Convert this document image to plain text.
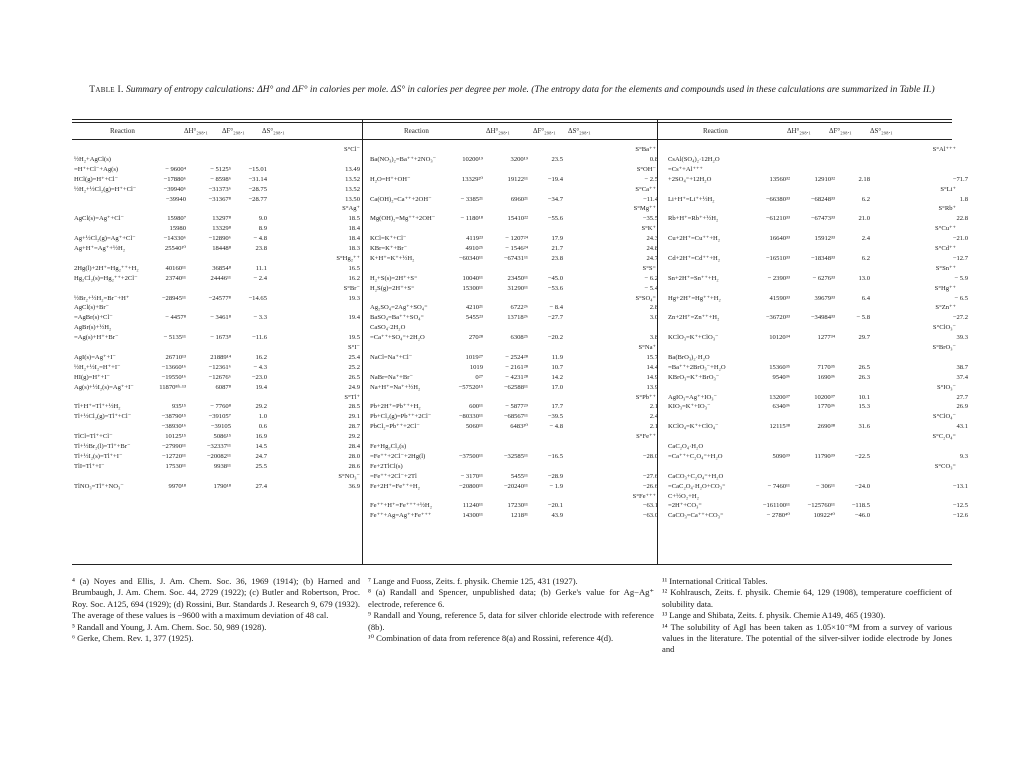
Table I. Summary of entropy calculations: ΔH° and ΔF° in calories per mole. ΔS° in calories per degree per mole. (The entropy data for the elements and compounds used in these calculations are summarized in Table II.)
Reaction	ΔH°₂₉₈.₁ ΔF°₂₉₈.₁ ΔS°₂₉₈.₁	Reaction	ΔH°₂₉₈.₁	ΔF°₂₉₈.₁ ΔS°₂₉₈.₁	Reaction	ΔH°₂₉₈.₁	ΔF°₂₉₈.₁	ΔS°₂₉₈.₁
S°Cl⁻
½H₂+AgCl(s)
=H⁺+Cl⁻+Ag(s)	− 9600⁴	− 5125⁵	−15.01	13.49
HCl(g)=H⁺+Cl⁻	−17880⁶	− 8598⁶	−31.14	13.52
½H₂+½Cl₂(g)=H⁺+Cl⁻	−39940⁶	−31373⁶	−28.75	13.52
−39940	−31367⁸	−28.77	13.50
S°Ag⁺
AgCl(s)=Ag⁺+Cl⁻	15980⁷	13297⁸	9.0	18.5
15980	13329⁸	8.9	18.4
Ag+½Cl₂(g)=Ag⁺+Cl⁻	−14330⁶	−12890⁶	− 4.8	18.4
Ag+H⁺=Ag⁺+½H₂	25540¹⁰	18448⁸	23.8	18.3
S°Hg₂⁺⁺
2Hg(l)+2H⁺=Hg₂⁺⁺+H₂	40160¹¹	36854⁸	11.1	16.5
Hg₂Cl₂(s)=Hg₂⁺⁺+2Cl⁻	23740¹¹	24446¹¹	− 2.4	16.2
S°Br⁻
½Br₂+½H₂=Br⁻+H⁺	−28945¹¹	−24577⁸	−14.65	19.3
AgCl(s)+Br⁻
=AgBr(s)+Cl⁻	− 4457⁸	− 3461⁸	− 3.3	19.4
AgBr(s)+½H₂
=Ag(s)+H⁺+Br⁻	− 5135¹¹	− 1673⁸	−11.6	19.5
S°I⁻
AgI(s)=Ag⁺+I⁻	26710¹³	21889¹⁴	16.2	25.4
½H₂+½I₂=H⁺+I⁻	−13660¹⁶	−12361⁶	− 4.3	25.2
HI(g)=H⁺+I⁻	−19550¹⁶	−12676⁶	−23.0	26.5
Ag(s)+½I₂(s)=Ag⁺+I⁻	11870⁸ʰ·¹³	6087⁸	19.4	24.9
S°Tl⁺
Tl+H⁺=Tl⁺+½H₂	935¹⁵	− 7760⁸	29.2	28.5
Tl+½Cl₂(g)=Tl⁺+Cl⁻	−38790¹⁵	−39105⁷	1.0	29.1
−38930¹⁶	−39105	0.6	28.7
TlCl=Tl⁺+Cl⁻	10125¹⁵	5086¹⁵	16.9	29.2
Tl+½Br₂(l)=Tl⁺+Br⁻	−27990¹¹	−32337¹¹	14.5	28.4
Tl+½I₂(s)=Tl⁺+I⁻	−12720¹¹	−20082¹¹	24.7	28.0
TlI=Tl⁺+I⁻	17530¹¹	9938¹¹	25.5	28.6
S°NO₃⁻
TlNO₃=Tl⁺+NO₃⁻	9970¹⁸	1790¹⁸	27.4	36.9
S°Ba⁺⁺
Ba(NO₃)₂=Ba⁺⁺+2NO₃⁻	10200¹⁹	3200¹⁹	23.5	0.8
S°OH⁻
H₂O=H⁺+OH⁻	13329²⁰	19122¹¹	−19.4	− 2.5
S°Ca⁺⁺
Ca(OH)₂=Ca⁺⁺+2OH⁻	− 3385²¹	6960²¹	−34.7	−11.4
S°Mg⁺⁺
Mg(OH)₂=Mg⁺⁺+2OH⁻	− 1180¹⁸	15410²²	−55.6	−35.5
S°K⁺
KCl=K⁺+Cl⁻	4119²³	− 1207²⁴	17.9	24.3
KBr=K⁺+Br⁻	4910²⁵	− 1546²⁴	21.7	24.8
K+H⁺=K⁺+½H₂	−60340¹¹	−67431¹¹	23.8	24.7
S°S⁼
H₂+S(s)=2H⁺+S⁼	10040¹¹	23450¹¹	−45.0	− 6.2
H₂S(g)=2H⁺+S⁼	15300¹¹	31290¹¹	−53.6	− 5.4
S°SO₄⁼
Ag₂SO₄=2Ag⁺+SO₄⁼	4210²¹	6722²⁶	− 8.4	2.8
BaSO₄=Ba⁺⁺+SO₄⁼	5455²³	13718²⁶	−27.7	3.0
CaSO₄·2H₂O
=Ca⁺⁺+SO₄⁼+2H₂O	270²⁸	6308²⁵	−20.2	3.8
S°Na⁺
NaCl=Na⁺+Cl⁻	1019²⁷	− 2524²⁸	11.9	15.7
1019	− 2161²⁸	10.7	14.4
NaBr=Na⁺+Br⁻	0²⁷	− 4231²⁸	14.2	14.9
Na+H⁺=Na⁺+½H₂	−57520¹⁵	−62588¹¹	17.0	13.9
S°Pb⁺⁺
Pb+2H⁺=Pb⁺⁺+H₂	600¹¹	− 5877²⁹	17.7	2.1
Pb+Cl₂(g)=Pb⁺⁺+2Cl⁻	−80330¹¹	−68567¹¹	−39.5	2.4
PbCl₂=Pb⁺⁺+2Cl⁻	5060¹¹	6483³⁰	− 4.8	2.1
S°Fe⁺⁺
Fe+Hg₂Cl₂(s)
=Fe⁺⁺+2Cl⁻+2Hg(l)	−37500¹¹	−32585¹¹	−16.5	−28.0
Fe+2TlCl(s)
=Fe⁺⁺+2Cl⁻+2Tl	− 3170¹¹	5455¹¹	−28.9	−27.6
Fe+2H⁺=Fe⁺⁺+H₂	−20800¹¹	−20240¹¹	− 1.9	−26.6
S°Fe⁺⁺⁺
Fe⁺⁺+H⁺=Fe⁺⁺⁺+½H₂	11240¹¹	17230¹¹	−20.1	−63.1
Fe⁺⁺+Ag=Ag⁺+Fe⁺⁺⁺	14300¹¹	1218³¹	43.9	−63.0
S°Al⁺⁺⁺
CsAl(SO₄)₂·12H₂O
=Cs⁺+Al⁺⁺⁺
+2SO₄⁼+12H₂O	13560³²	12910³²	2.18	−71.7
S°Li⁺
Li+H⁺=Li⁺+½H₂	−66380³³	−68248³³	6.2	1.8
S°Rb⁺
Rb+H⁺=Rb⁺+½H₂	−61210³³	−67473³³	21.0	22.8
S°Cu⁺⁺
Cu+2H⁺=Cu⁺⁺+H₂	16640³³	15912³³	2.4	−21.0
S°Cd⁺⁺
Cd+2H⁺=Cd⁺⁺+H₂	−16510³³	−18348³³	6.2	−12.7
S°Sn⁺⁺
Sn+2H⁺=Sn⁺⁺+H₂	− 2390³³	− 6276³³	13.0	− 5.9
S°Hg⁺⁺
Hg+2H⁺=Hg⁺⁺+H₂	41590³³	39679³³	6.4	− 6.5
S°Zn⁺⁺
Zn+2H⁺=Zn⁺⁺+H₂	−36720³³	−34984³³	− 5.8	−27.2
S°ClO₃⁻
KClO₃=K⁺+ClO₃⁻	10120³⁴	1277³⁴	29.7	39.3
S°BrO₃⁻
Ba(BrO₃)₂·H₂O
=Ba⁺⁺+2BrO₃⁻+H₂O	15360³⁵	7170³⁵	26.5	38.7
KBrO₃=K⁺+BrO₃⁻	9540³⁶	1690³⁶	26.3	37.4
S°IO₃⁻
AgIO₃=Ag⁺+IO₃⁻	13200³⁷	10200³⁷	10.1	27.7
KIO₃=K⁺+IO₃⁻	6340³⁶	1770³⁶	15.3	26.9
S°ClO₄⁻
KClO₄=K⁺+ClO₄⁻	12115³⁸	2690³⁸	31.6	43.1
S°C₂O₄⁼
CaC₂O₄·H₂O
=Ca⁺⁺+C₂O₄⁼+H₂O	5090³⁹	11790³⁹	−22.5	9.3
S°CO₃⁼
CaCO₃+C₂O₄⁼+H₂O
=CaC₂O₄·H₂O+CO₃⁼	− 7460¹¹	− 306¹¹	−24.0	−13.1
C+½O₂+H₂
=2H⁺+CO₃⁼	−161100¹¹	−125760¹¹	−118.5	−12.5
CaCO₃=Ca⁺⁺+CO₃⁼	− 2780⁴⁰	10922⁴⁰	−46.0	−12.6
⁴ (a) Noyes and Ellis, J. Am. Chem. Soc. 36, 1969 (1914); (b) Harned and Brumbaugh, J. Am. Chem. Soc. 44, 2729 (1922); (c) Butler and Robertson, Proc. Roy. Soc. A125, 694 (1929); (d) Rossini, Bur. Standards J. Research 9, 679 (1932). The average of these values is −9600 with a maximum deviation of 48 cal.
⁵ Randall and Young, J. Am. Chem. Soc. 50, 989 (1928).
⁶ Gerke, Chem. Rev. 1, 377 (1925).
⁷ Lange and Fuoss, Zeits. f. physik. Chemie 125, 431 (1927).
⁸ (a) Randall and Spencer, unpublished data; (b) Gerke's value for Ag−Ag⁺ electrode, reference 6.
⁹ Randall and Young, reference 5, data for silver chloride electrode with reference (8b).
¹⁰ Combination of data from reference 8(a) and Rossini, reference 4(d).
¹¹ International Critical Tables.
¹² Kohlrausch, Zeits. f. physik. Chemie 64, 129 (1908), temperature coefficient of solubility data.
¹³ Lange and Shibata, Zeits. f. physik. Chemie A149, 465 (1930).
¹⁴ The solubility of AgI has been taken as 1.05×10⁻⁸M from a survey of various values in the literature. The potential of the silver-silver iodide electrode by Jones and
